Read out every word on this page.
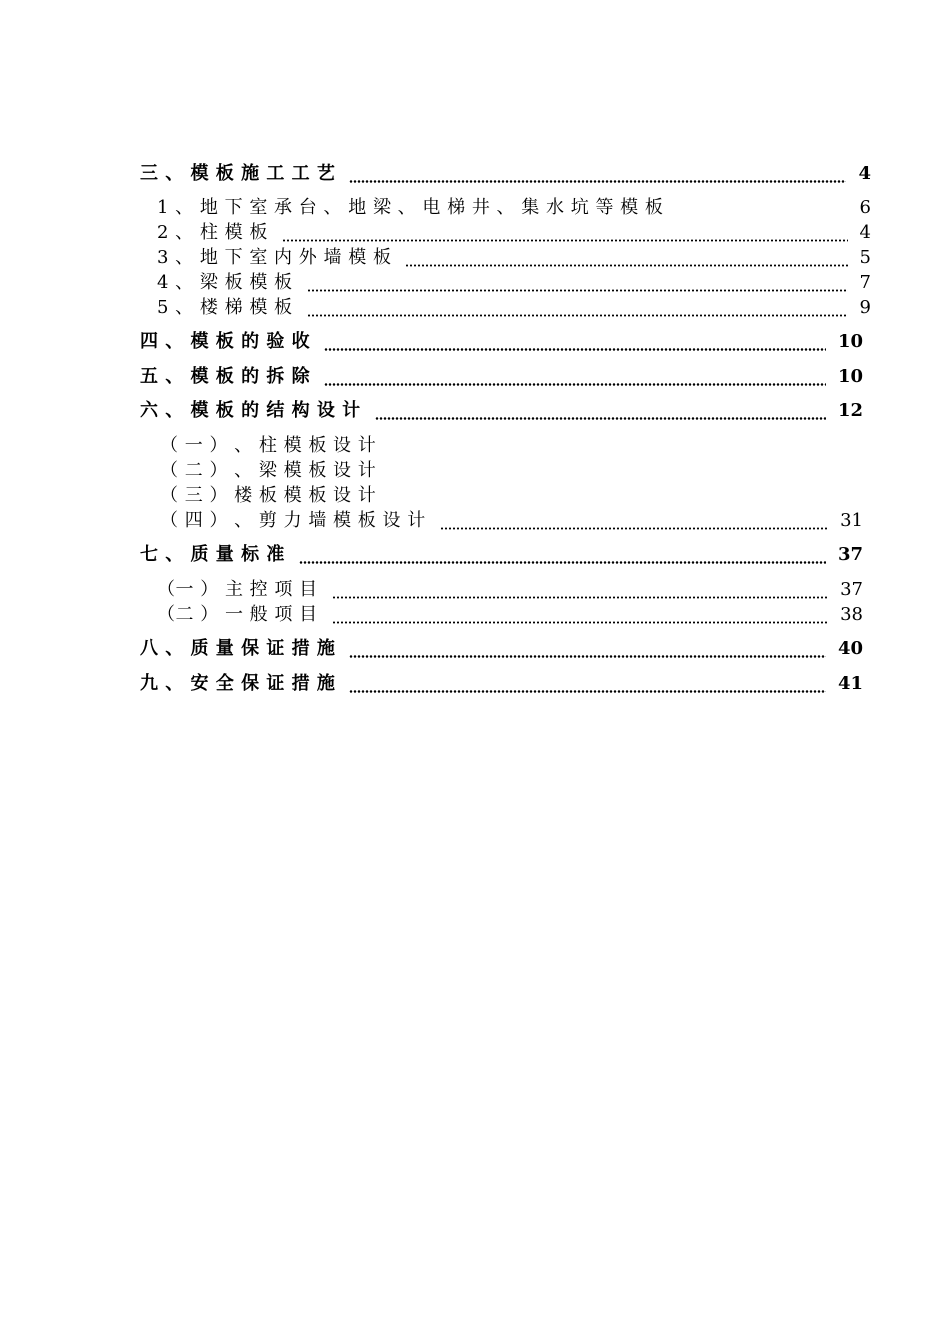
三 、 模 板 施 工 工 艺	4
1 、 地 下 室 承 台 、 地 梁 、 电 梯 井 、 集 水 坑 等 模 板	6
2 、 柱 模 板	4
3 、 地 下 室 内 外 墙 模 板	5
4 、 梁 板 模 板	7
5 、 楼 梯 模 板	9
四 、 模 板 的 验 收	10
五 、 模 板 的 拆 除	10
六 、 模 板 的 结 构 设 计	12
（ 一 ） 、 柱 模 板 设 计
（ 二 ） 、 梁 模 板 设 计
（ 三 ） 楼 板 模 板 设 计
（ 四 ） 、 剪 力 墙 模 板 设 计	31
七 、 质 量 标 准	37
（一 ） 主 控 项 目	37
（二 ） 一 般 项 目	38
八 、 质 量 保 证 措 施	40
九 、 安 全 保 证 措 施	41
